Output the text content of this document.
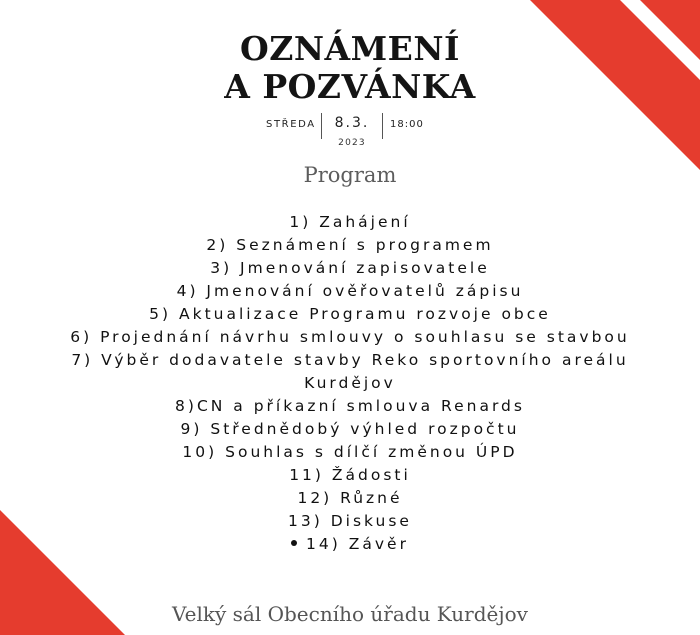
OZNÁMENÍ
A POZVÁNKA
STŘEDA	8.3.
2023
18:00
Program
1) Zahájení
2) Seznámení s programem
3) Jmenování zapisovatele
4) Jmenování ověřovatelů zápisu
5) Aktualizace Programu rozvoje obce
6) Projednání návrhu smlouvy o souhlasu se stavbou
7) Výběr dodavatele stavby Reko sportovního areálu Kurdějov
8)CN a příkazní smlouva Renards
9) Střednědobý výhled rozpočtu
10) Souhlas s dílčí změnou ÚPD
11) Žádosti
12) Různé
13) Diskuse
14) Závěr
Velký sál Obecního úřadu Kurdějov
